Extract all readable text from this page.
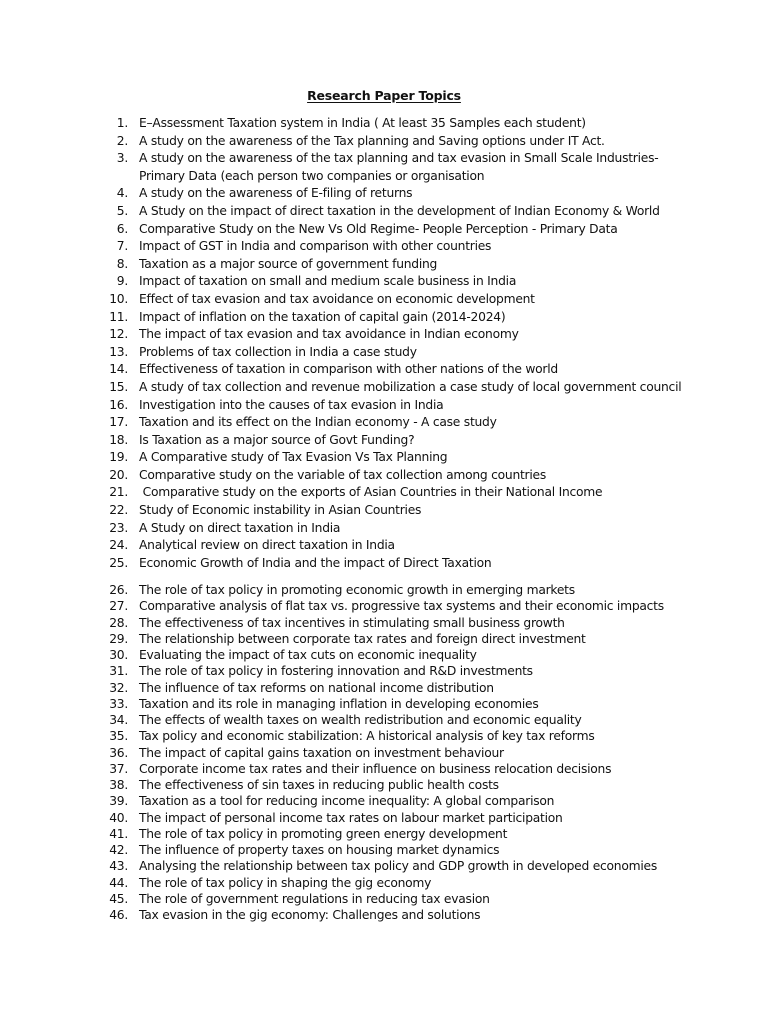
Research Paper Topics
1. E–Assessment Taxation system in India ( At least 35 Samples each student)
2. A study on the awareness of the Tax planning and Saving options under IT Act.
3. A study on the awareness of the tax planning and tax evasion in Small Scale Industries-
Primary Data (each person two companies or organisation
4. A study on the awareness of E-filing of returns
5. A Study on the impact of direct taxation in the development of Indian Economy & World
6. Comparative Study on the New Vs Old Regime- People Perception - Primary Data
7. Impact of GST in India and comparison with other countries
8. Taxation as a major source of government funding
9. Impact of taxation on small and medium scale business in India
10. Effect of tax evasion and tax avoidance on economic development
11. Impact of inflation on the taxation of capital gain (2014-2024)
12. The impact of tax evasion and tax avoidance in Indian economy
13. Problems of tax collection in India a case study
14. Effectiveness of taxation in comparison with other nations of the world
15. A study of tax collection and revenue mobilization a case study of local government council
16. Investigation into the causes of tax evasion in India
17. Taxation and its effect on the Indian economy - A case study
18. Is Taxation as a major source of Govt Funding?
19. A Comparative study of Tax Evasion Vs Tax Planning
20. Comparative study on the variable of tax collection among countries
21. Comparative study on the exports of Asian Countries in their National Income
22. Study of Economic instability in Asian Countries
23. A Study on direct taxation in India
24. Analytical review on direct taxation in India
25. Economic Growth of India and the impact of Direct Taxation
26. The role of tax policy in promoting economic growth in emerging markets
27. Comparative analysis of flat tax vs. progressive tax systems and their economic impacts
28. The effectiveness of tax incentives in stimulating small business growth
29. The relationship between corporate tax rates and foreign direct investment
30. Evaluating the impact of tax cuts on economic inequality
31. The role of tax policy in fostering innovation and R&D investments
32. The influence of tax reforms on national income distribution
33. Taxation and its role in managing inflation in developing economies
34. The effects of wealth taxes on wealth redistribution and economic equality
35. Tax policy and economic stabilization: A historical analysis of key tax reforms
36. The impact of capital gains taxation on investment behaviour
37. Corporate income tax rates and their influence on business relocation decisions
38. The effectiveness of sin taxes in reducing public health costs
39. Taxation as a tool for reducing income inequality: A global comparison
40. The impact of personal income tax rates on labour market participation
41. The role of tax policy in promoting green energy development
42. The influence of property taxes on housing market dynamics
43. Analysing the relationship between tax policy and GDP growth in developed economies
44. The role of tax policy in shaping the gig economy
45. The role of government regulations in reducing tax evasion
46. Tax evasion in the gig economy: Challenges and solutions
